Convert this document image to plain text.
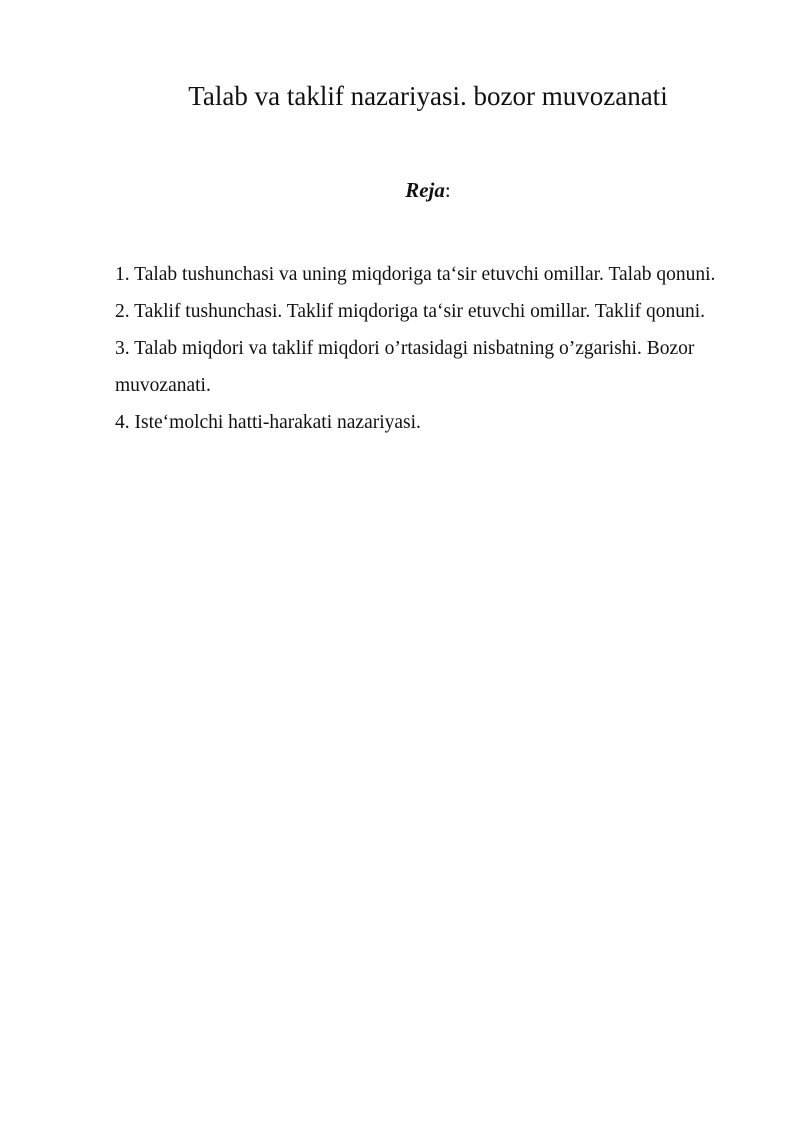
Talab va taklif nazariyasi. bozor muvozanati

Reja:

1. Talab tushunchasi va uning miqdoriga ta‘sir etuvchi omillar. Talab qonuni.
2. Taklif tushunchasi. Taklif miqdoriga ta‘sir etuvchi omillar. Taklif qonuni.
3. Talab miqdori va taklif miqdori o’rtasidagi nisbatning o’zgarishi. Bozor muvozanati.
4. Iste‘molchi hatti-harakati nazariyasi.
